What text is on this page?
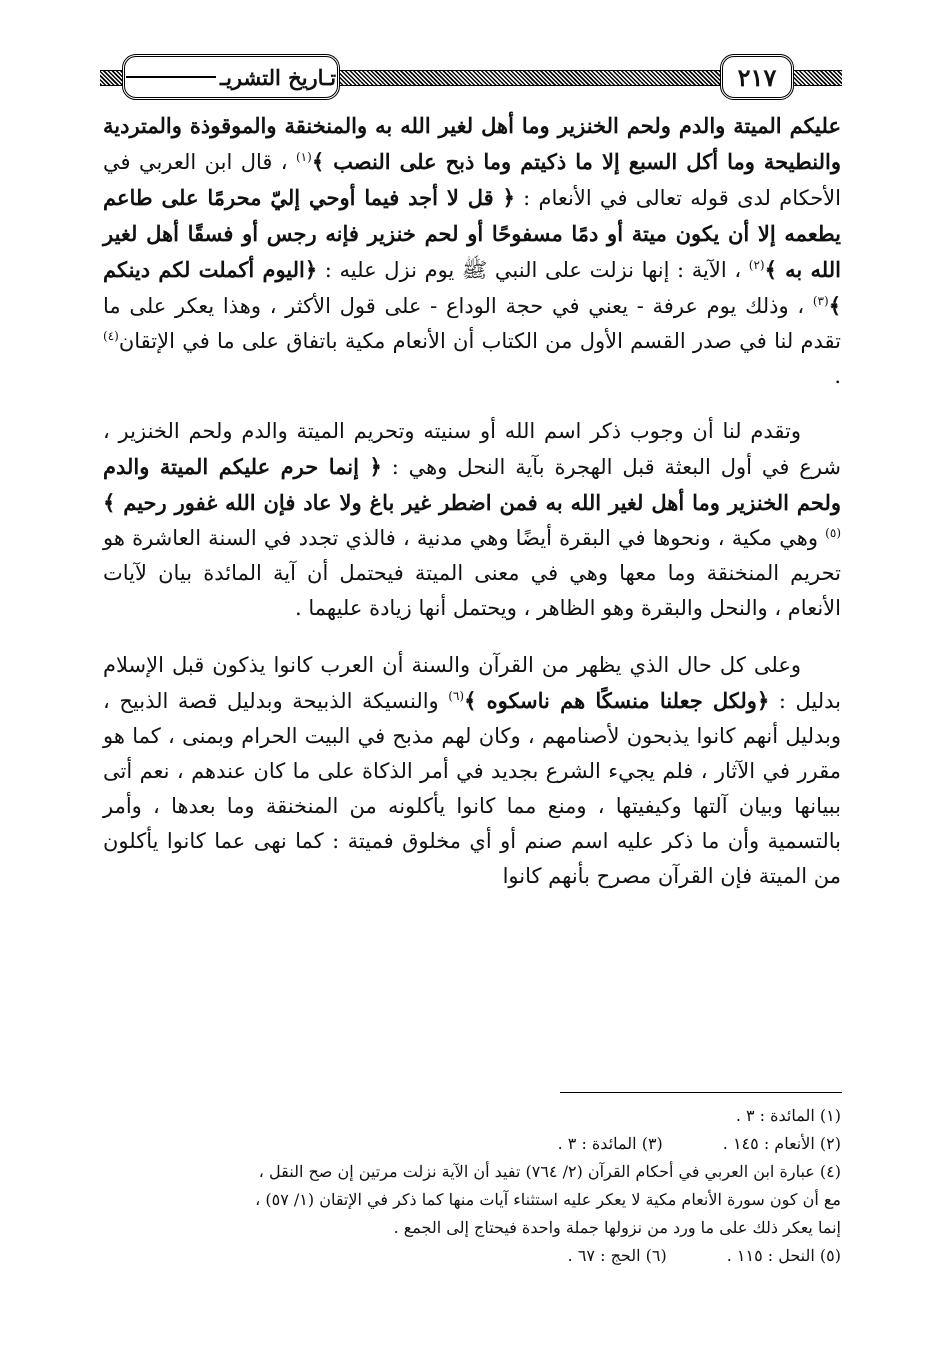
تـاريخ التشريـ	٢١٧

عليكم الميتة والدم ولحم الخنزير وما أهل لغير الله به والمنخنقة والموقوذة والمتردية والنطيحة وما أكل السبع إلا ما ذكيتم وما ذبح على النصب ﴾$^{(١)}$ ، قال ابن العربي في الأحكام لدى قوله تعالى في الأنعام : ﴿ قل لا أجد فيما أوحي إليّ محرمًا على طاعم يطعمه إلا أن يكون ميتة أو دمًا مسفوحًا أو لحم خنزير فإنه رجس أو فسقًا أهل لغير الله به ﴾$^{(٢)}$ ، الآية : إنها نزلت على النبي ﷺ يوم نزل عليه : ﴿اليوم أكملت لكم دينكم ﴾$^{(٣)}$ ، وذلك يوم عرفة - يعني في حجة الوداع - على قول الأكثر ، وهذا يعكر على ما تقدم لنا في صدر القسم الأول من الكتاب أن الأنعام مكية باتفاق على ما في الإتقان$^{(٤)}$ .

وتقدم لنا أن وجوب ذكر اسم الله أو سنيته وتحريم الميتة والدم ولحم الخنزير ، شرع في أول البعثة قبل الهجرة بآية النحل وهي : ﴿ إنما حرم عليكم الميتة والدم ولحم الخنزير وما أهل لغير الله به فمن اضطر غير باغ ولا عاد فإن الله غفور رحيم ﴾$^{(٥)}$ وهي مكية ، ونحوها في البقرة أيضًا وهي مدنية ، فالذي تجدد في السنة العاشرة هو تحريم المنخنقة وما معها وهي في معنى الميتة فيحتمل أن آية المائدة بيان لآيات الأنعام ، والنحل والبقرة وهو الظاهر ، ويحتمل أنها زيادة عليهما .

وعلى كل حال الذي يظهر من القرآن والسنة أن العرب كانوا يذكون قبل الإسلام بدليل : ﴿ولكل جعلنا منسكًا هم ناسكوه ﴾$^{(٦)}$ والنسيكة الذبيحة وبدليل قصة الذبيح ، وبدليل أنهم كانوا يذبحون لأصنامهم ، وكان لهم مذبح في البيت الحرام وبمنى ، كما هو مقرر في الآثار ، فلم يجيء الشرع بجديد في أمر الذكاة على ما كان عندهم ، نعم أتى ببيانها وبيان آلتها وكيفيتها ، ومنع مما كانوا يأكلونه من المنخنقة وما بعدها ، وأمر بالتسمية وأن ما ذكر عليه اسم صنم أو أي مخلوق فميتة : كما نهى عما كانوا يأكلون من الميتة فإن القرآن مصرح بأنهم كانوا

(١) المائدة : ٣ .
(٢) الأنعام : ١٤٥ .(٣) المائدة : ٣ .
(٤) عبارة ابن العربي في أحكام القرآن (٢/ ٧٦٤) تفيد أن الآية نزلت مرتين إن صح النقل ،
مع أن كون سورة الأنعام مكية لا يعكر عليه استثناء آيات منها كما ذكر في الإتقان (١/ ٥٧) ،
إنما يعكر ذلك على ما ورد من نزولها جملة واحدة فيحتاج إلى الجمع .
(٥) النحل : ١١٥ .(٦) الحج : ٦٧ .
